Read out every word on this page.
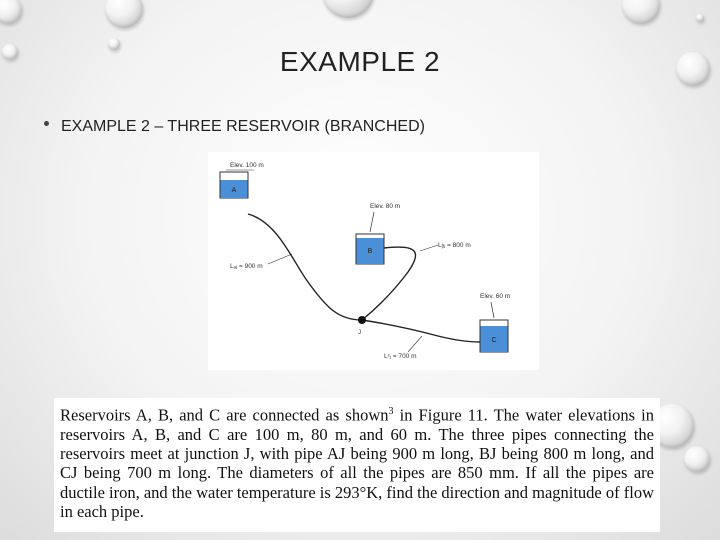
EXAMPLE 2
EXAMPLE 2 – THREE RESERVOIR (BRANCHED)
A
Elev. 100 m
B
Elev. 80 m
C
Elev. 60 m
J
Lₐⱼ = 900 m
Lᵦⱼ = 800 m
Lᶜⱼ = 700 m

Reservoirs A, B, and C are connected as shown$^3$ in Figure 11. The water elevations in reservoirs A, B, and C are 100 m, 80 m, and 60 m. The three pipes connecting the reservoirs meet at junction J, with pipe AJ being 900 m long, BJ being 800 m long, and CJ being 700 m long. The diameters of all the pipes are 850 mm. If all the pipes are ductile iron, and the water temperature is 293°K, find the direction and magnitude of flow in each pipe.
